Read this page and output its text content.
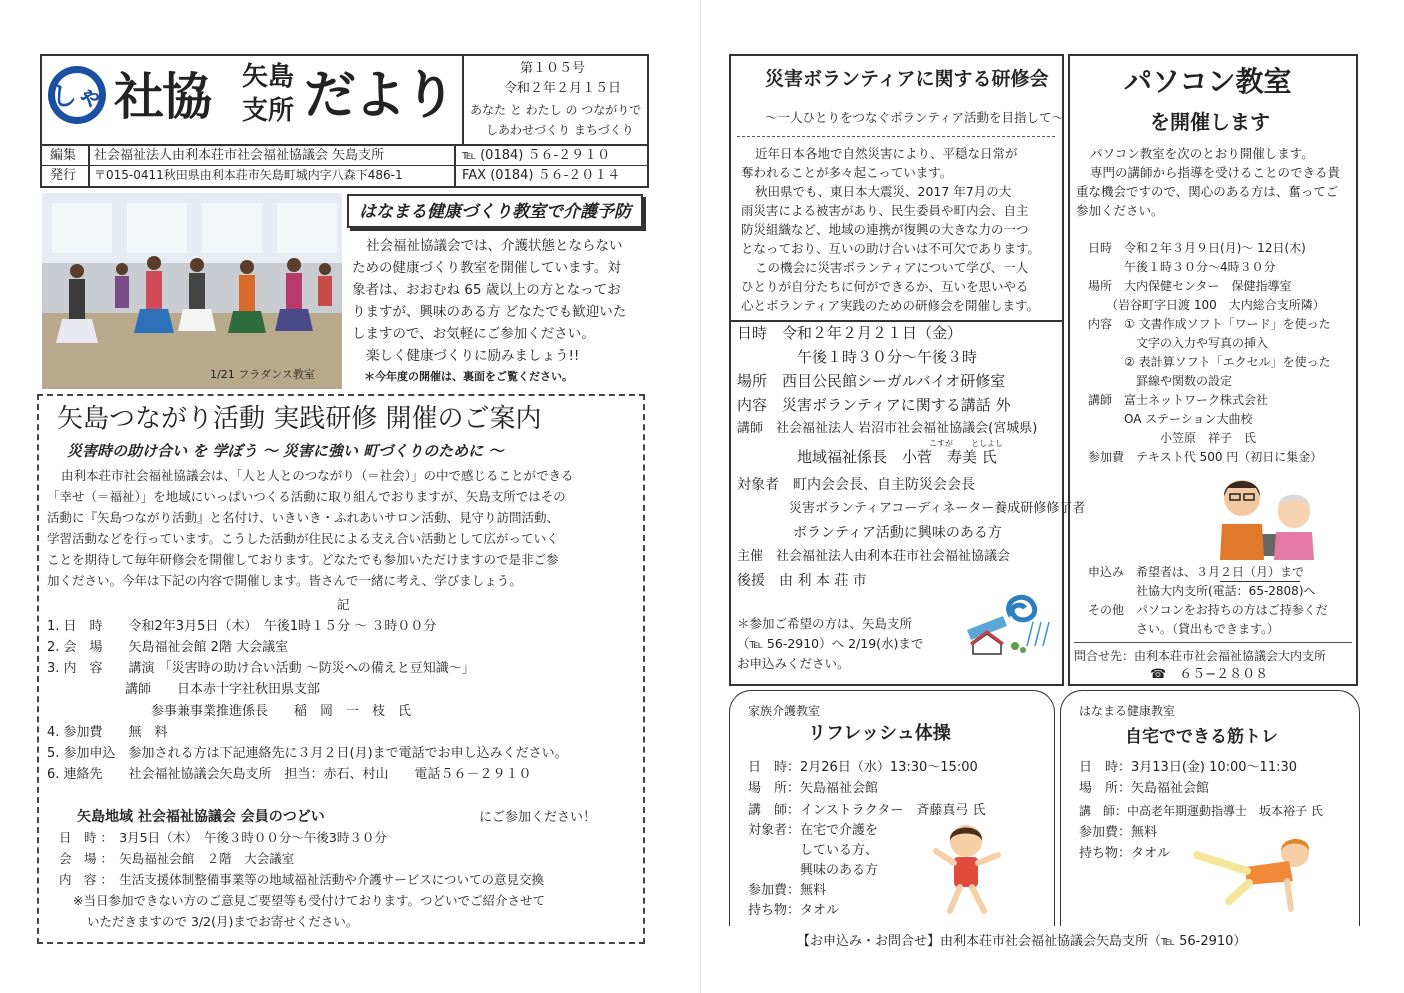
しゃ 社協 矢島
支所 だより	第１０５号
令和２年２月１５日
あなた と わたし の つながりで
しあわせづくり まちづくり
編集
発行
社会福祉法人由利本荘市社会福祉協議会 矢島支所
〒015-0411秋田県由利本荘市矢島町城内字八森下486-1
℡ (0184) ５６-２９１０
FAX (0184) ５６-２０１４
1/21 フラダンス教室
はなまる健康づくり教室で介護予防
社会福祉協議会では、介護状態とならない
ための健康づくり教室を開催しています。対
象者は、おおむね 65 歳以上の方となってお
りますが、興味のある方 どなたでも歓迎いた
しますので、お気軽にご参加ください。
楽しく健康づくりに励みましょう!!
＊今年度の開催は、裏面をご覧ください。
矢島つながり活動 実践研修 開催のご案内
災害時の助け合い を 学ぼう 〜 災害に強い 町づくりのために 〜
由利本荘市社会福祉協議会は、「人と人とのつながり（＝社会）」の中で感じることができる
「幸せ（＝福祉）」を地域にいっぱいつくる活動に取り組んでおりますが、矢島支所ではその
活動に『矢島つながり活動』と名付け、いきいき・ふれあいサロン活動、見守り訪問活動、
学習活動などを行っています。こうした活動が住民による支え合い活動として広がっていく
ことを期待して毎年研修会を開催しております。どなたでも参加いただけますので是非ご参
加ください。今年は下記の内容で開催します。皆さんで一緒に考え、学びましょう。
記
1. 日　時　　令和2年3月5日（木）　午後1時１５分 〜 ３時００分
2. 会　場　　矢島福祉会館 2階 大会議室
3. 内　容　　講演 「災害時の助け合い活動 〜防災への備えと豆知識〜」
　　　　　　講師　　日本赤十字社秋田県支部
　　　　　　　　参事兼事業推進係長　　稲　岡　一　枝　氏
4. 参加費　　無　料
5. 参加申込　参加される方は下記連絡先に３月２日(月)まで電話でお申し込みください。
6. 連絡先　　社会福祉協議会矢島支所　担当：赤石、村山　　電話５６－２９１０
矢島地域 社会福祉協議会 会員のつどい	にご参加ください！
日　時 ：　3月5日（木）　午後３時００分～午後3時３０分
会　場 ：　矢島福祉会館　２階　大会議室
内　容 ：　生活支援体制整備事業等の地域福祉活動や介護サービスについての意見交換
※当日参加できない方のご意見ご要望等も受付けております。つどいでご紹介させて
いただきますので 3/2(月)までお寄せください。
災害ボランティアに関する研修会
〜一人ひとりをつなぐボランティア活動を目指して〜
近年日本各地で自然災害により、平穏な日常が
奪われることが多々起こっています。
秋田県でも、東日本大震災、2017 年7月の大
雨災害による被害があり、民生委員や町内会、自主
防災組織など、地域の連携が復興の大きな力の一つ
となっており、互いの助け合いは不可欠であります。
この機会に災害ボランティアについて学び、一人
ひとりが自分たちに何ができるか、互いを思いやる
心とボランティア実践のための研修会を開催します。
日時　令和２年２月２１日（金）
　　　　午後１時３０分〜午後３時
場所　西目公民館シーガルバイオ研修室
内容　災害ボランティアに関する講話 外
講師　社会福祉法人 岩沼市社会福祉協議会(宮城県)
こすが としよし
　　　　地域福祉係長　小菅　寿美 氏
対象者　町内会会長、自主防災会会長
　　　　災害ボランティアコーディネーター養成研修修了者
　　　　ボランティア活動に興味のある方
主催　社会福祉法人由利本荘市社会福祉協議会
後援　由 利 本 荘 市
＊参加ご希望の方は、矢島支所
（℡ 56-2910）へ 2/19(水)まで
お申込みください。
パソコン教室
を開催します
パソコン教室を次のとおり開催します。
専門の講師から指導を受けることのできる貴
重な機会ですので、関心のある方は、奮ってご
参加ください。
日時　令和２年３月９日(月)～ 12日(木)
　　　午後１時３０分～4時３０分
場所　大内保健センター　保健指導室
　　（岩谷町字日渡 100　大内総合支所隣）
内容　① 文書作成ソフト「ワード」を使った
　　　　文字の入力や写真の挿入
　　　② 表計算ソフト「エクセル」を使った
　　　　罫線や関数の設定
講師　富士ネットワーク株式会社
　　　OA ステーション大曲校
　　　　　　小笠原　祥子　氏
参加費　テキスト代 500 円（初日に集金）
申込み　希望者は、３月２日（月）まで
　　　　社協大内支所(電話：65-2808)へ
その他　パソコンをお持ちの方はご持参くだ
　　　　さい。（貸出もできます。）
問合せ先：由利本荘市社会福祉協議会大内支所
☎　６５−２８０８
家族介護教室
リフレッシュ体操
日　時：2月26日（水）13:30〜15:00
場　所：矢島福祉会館
講　師：インストラクター　斉藤真弓 氏
対象者：在宅で介護を
　　　　している方、
　　　　興味のある方
参加費：無料
持ち物：タオル
はなまる健康教室
自宅でできる筋トレ
日　時：3月13日(金) 10:00〜11:30
場　所：矢島福祉会館
講　師：中高老年期運動指導士　坂本裕子 氏
参加費：無料
持ち物：タオル
【お申込み・お問合せ】由利本荘市社会福祉協議会矢島支所（℡ 56-2910）
